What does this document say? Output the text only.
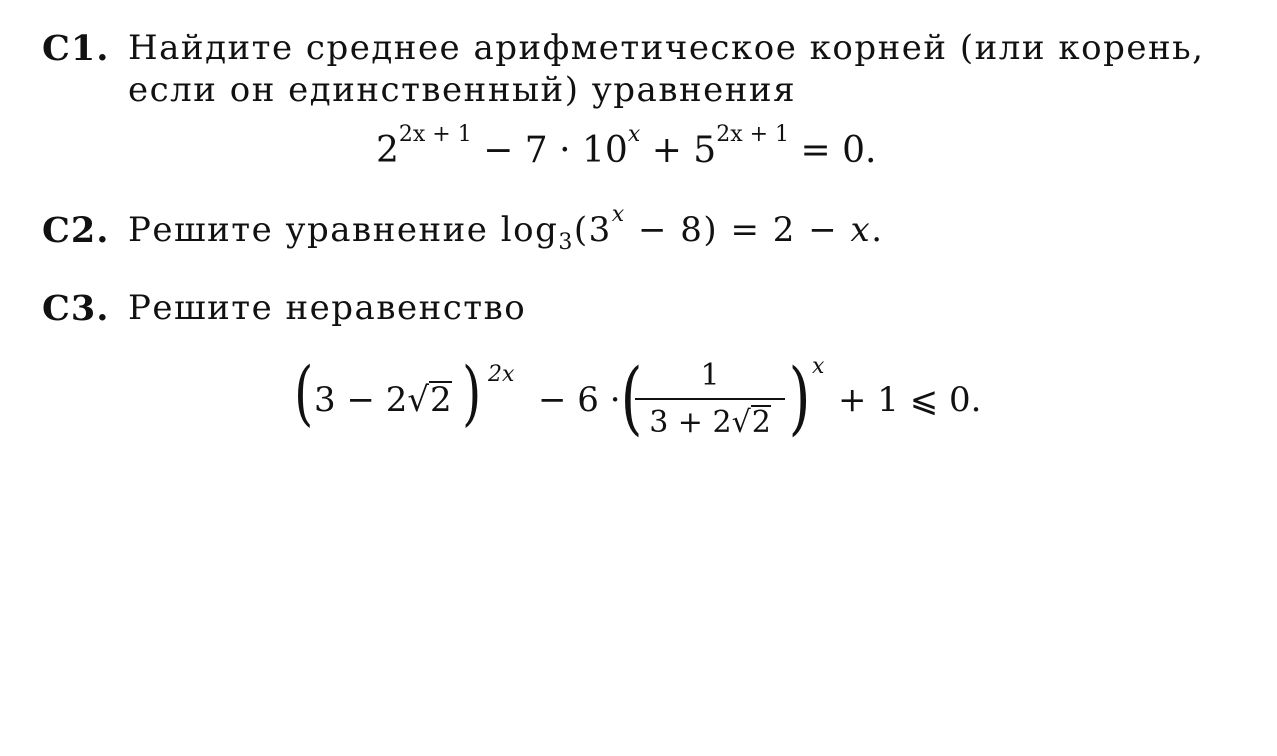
С1. Найдите среднее арифметическое корней (или корень,
если он единственный) уравнения
$2^{2x + 1} - 7 \cdot 10^x + 5^{2x + 1} = 0$.
С2. Решите уравнение $\log_3(3^x - 8) = 2 - x$.
С3. Решите неравенство
( 3 − 2√2 ) 2x
− 6 · (	1
3 + 2√2 ) x
+ 1 ⩽ 0.
